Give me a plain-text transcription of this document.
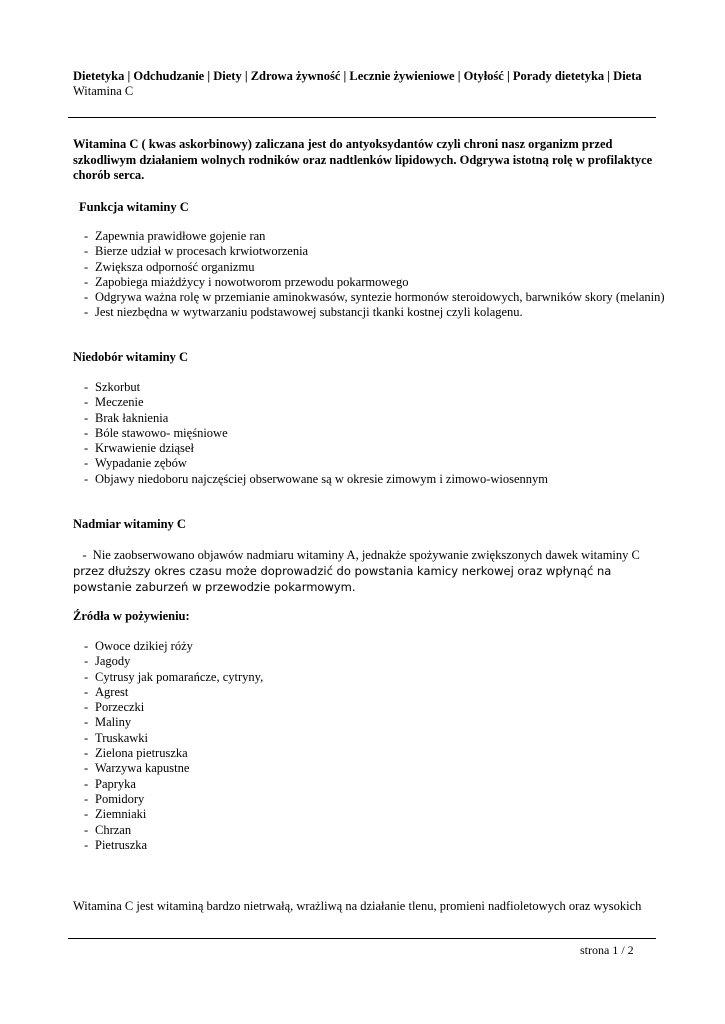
Dietetyka | Odchudzanie | Diety | Zdrowa żywność | Lecznie żywieniowe | Otyłość | Porady dietetyka | Dieta
Witamina C
Witamina C ( kwas askorbinowy) zaliczana jest do antyoksydantów czyli chroni nasz organizm przed szkodliwym działaniem wolnych rodników oraz nadtlenków lipidowych. Odgrywa istotną rolę w profilaktyce chorób serca.
Funkcja witaminy C
- Zapewnia prawidłowe gojenie ran
- Bierze udział w procesach krwiotworzenia
- Zwiększa odporność organizmu
- Zapobiega miażdżycy i nowotworom przewodu pokarmowego
- Odgrywa ważna rolę w przemianie aminokwasów, syntezie hormonów steroidowych, barwników skory (melanin)
- Jest niezbędna w wytwarzaniu podstawowej substancji tkanki kostnej czyli kolagenu.
Niedobór witaminy C
- Szkorbut
- Meczenie
- Brak łaknienia
- Bóle stawowo- mięśniowe
- Krwawienie dziąseł
- Wypadanie zębów
- Objawy niedoboru najczęściej obserwowane są w okresie zimowym i zimowo-wiosennym
Nadmiar witaminy C
-  Nie zaobserwowano objawów nadmiaru witaminy A, jednakże spożywanie zwiększonych dawek witaminy C
przez dłuższy okres czasu może doprowadzić do powstania kamicy nerkowej oraz wpłynąć na powstanie zaburzeń w przewodzie pokarmowym.
Źródła w pożywieniu:
- Owoce dzikiej róży
- Jagody
- Cytrusy jak pomarańcze, cytryny,
- Agrest
- Porzeczki
- Maliny
- Truskawki
- Zielona pietruszka
- Warzywa kapustne
- Papryka
- Pomidory
- Ziemniaki
- Chrzan
- Pietruszka
Witamina C jest witaminą bardzo nietrwałą, wrażliwą na działanie tlenu, promieni nadfioletowych oraz wysokich
strona 1 / 2
